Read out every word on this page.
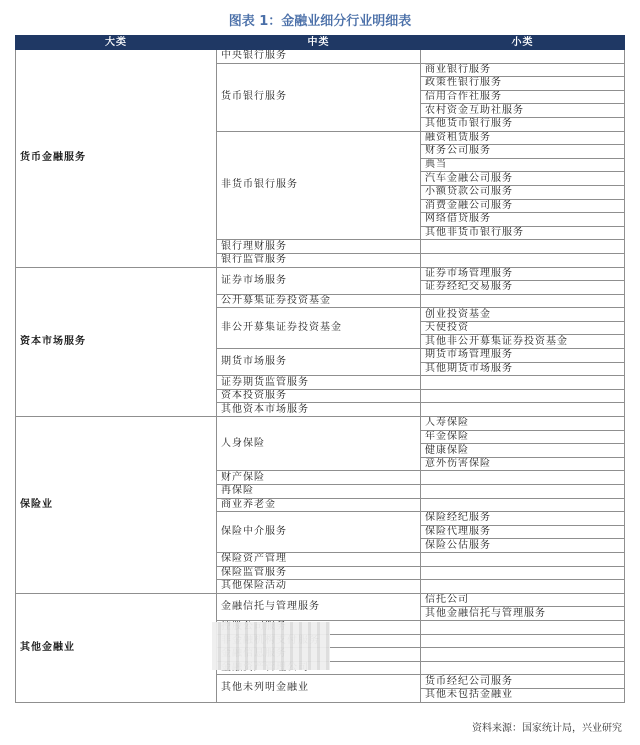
图表 1：金融业细分行业明细表
大类	中类	小类
货币金融服务	中央银行服务	
	货币银行服务	商业银行服务
		政策性银行服务
		信用合作社服务
		农村资金互助社服务
		其他货币银行服务
	非货币银行服务	融资租赁服务
		财务公司服务
		典当
		汽车金融公司服务
		小额贷款公司服务
		消费金融公司服务
		网络借贷服务
		其他非货币银行服务
	银行理财服务	
	银行监管服务	
资本市场服务	证券市场服务	证券市场管理服务
		证券经纪交易服务
	公开募集证券投资基金	
	非公开募集证券投资基金	创业投资基金
		天使投资
		其他非公开募集证券投资基金
	期货市场服务	期货市场管理服务
		其他期货市场服务
	证券期货监管服务	
	资本投资服务	
	其他资本市场服务	
保险业	人身保险	人寿保险
		年金保险
		健康保险
		意外伤害保险
	财产保险	
	再保险	
	商业养老金	
	保险中介服务	保险经纪服务
		保险代理服务
		保险公估服务
	保险资产管理	
	保险监管服务	
	其他保险活动	
其他金融业	金融信托与管理服务	信托公司
		其他金融信托与管理服务

	其他未列明金融业	货币经纪公司服务
		其他未包括金融业
资料来源：国家统计局，兴业研究
